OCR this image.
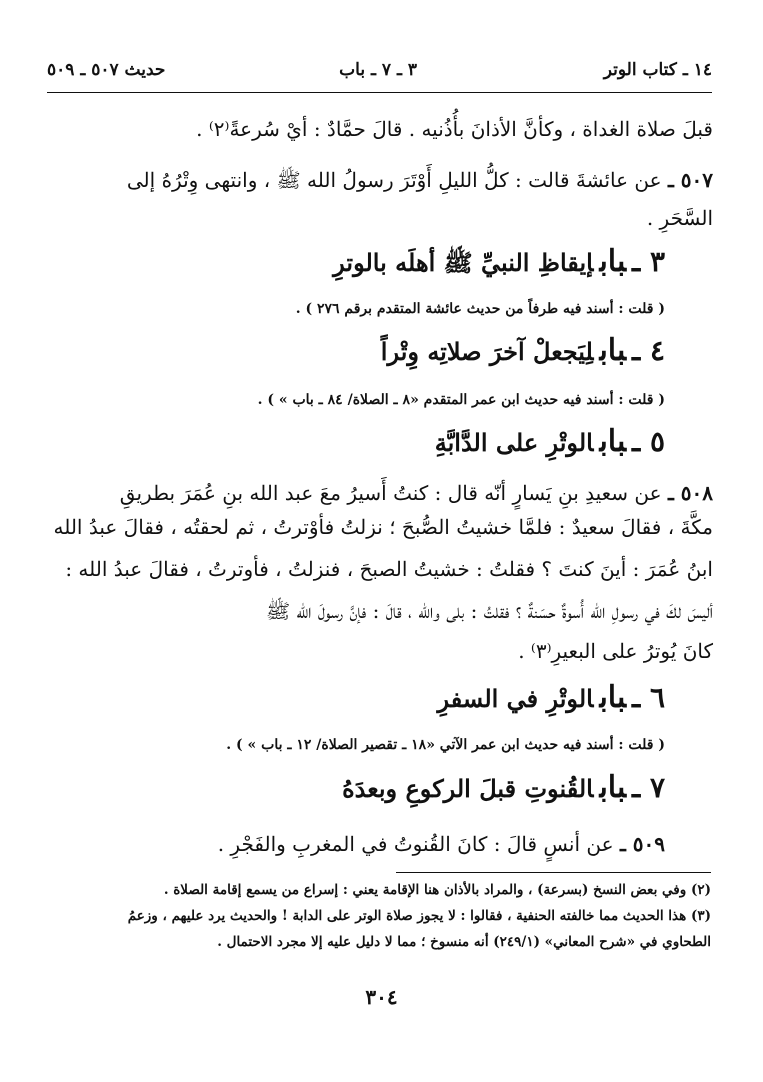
١٤ ـ كتاب الوتر
٣ ـ ٧ ـ باب
حديث ٥٠٧ ـ ٥٠٩
قبلَ صلاة الغداة ، وكأنَّ الأذانَ بأُذُنيه . قالَ حمَّادٌ : أيْ سُرعةً⁽٢⁾ .
٥٠٧ ـ عن عائشةَ قالت : كلُّ الليلِ أَوْتَرَ رسولُ الله ﷺ ، وانتهى وِتْرُهُ إلى
السَّحَرِ .
٣ ـبابإيقاظِ النبيِّ ﷺ أهلَه بالوترِ
( قلت : أسند فيه طرفاً من حديث عائشة المتقدم برقم ٢٧٦ ) .
٤ ـبابلِيَجعلْ آخرَ صلاتِه وِتْراً
( قلت : أسند فيه حديث ابن عمر المتقدم «٨ ـ الصلاة/ ٨٤ ـ باب » ) .
٥ ـبابالوتْرِ على الدَّابَّةِ
٥٠٨ ـ عن سعيدِ بنِ يَسارٍ أنّه قال : كنتُ أَسيرُ معَ عبد الله بنِ عُمَرَ بطريقِ
مكَّةَ ، فقالَ سعيدٌ : فلمَّا خشيتُ الصُّبحَ ؛ نزلتُ فأوْترتُ ، ثم لحقتُه ، فقالَ عبدُ الله
ابنُ عُمَرَ : أينَ كنتَ ؟ فقلتُ : خشيتُ الصبحَ ، فنزلتُ ، فأوترتُ ، فقالَ عبدُ الله :
أليسَ لكَ في رسولِ الله أُسوةٌ حسَنةٌ ؟ فقلتُ : بلى والله ، قالَ : فإنَّ رسولَ الله ﷺ
كانَ يُوترُ على البعيرِ⁽٣⁾ .
٦ ـبابالوتْرِ في السفرِ
( قلت : أسند فيه حديث ابن عمر الآتي «١٨ ـ تقصير الصلاة/ ١٢ ـ باب » ) .
٧ ـبابالقُنوتِ قبلَ الركوعِ وبعدَهُ
٥٠٩ ـ عن أنسٍ قالَ : كانَ القُنوتُ في المغربِ والفَجْرِ .
(٢) وفي بعض النسخ (بسرعة) ، والمراد بالأذان هنا الإقامة يعني : إسراع من يسمع إقامة الصلاة .
(٣) هذا الحديث مما خالفته الحنفية ، فقالوا : لا يجوز صلاة الوتر على الدابة ! والحديث يرد عليهم ، وزعمُ
الطحاوي في «شرح المعاني» (٢٤٩/١) أنه منسوخ ؛ مما لا دليل عليه إلا مجرد الاحتمال .
٣٠٤
